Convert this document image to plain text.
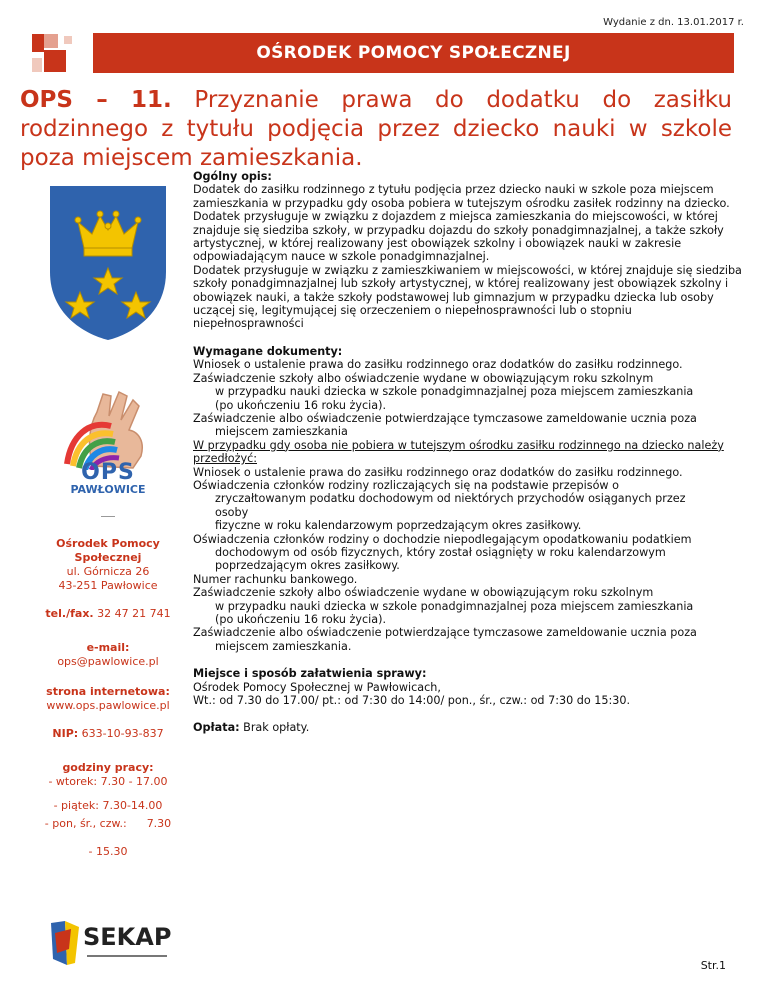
Wydanie z dn. 13.01.2017 r.
OŚRODEK POMOCY SPOŁECZNEJ
OPS – 11. Przyznanie prawa do dodatku do zasiłku rodzinnego z tytułu podjęcia przez dziecko nauki w szkole poza miejscem zamieszkania.
OPS
PAWŁOWICE
Ośrodek Pomocy
Społecznej
ul. Górnicza 26
43-251 Pawłowice
tel./fax. 32 47 21 741
e-mail:
ops@pawlowice.pl
strona internetowa:
www.ops.pawlowice.pl
NIP: 633-10-93-837
godziny pracy:
- wtorek: 7.30 - 17.00
- piątek: 7.30-14.00
- pon, śr., czw.: 7.30
- 15.30
SEKAP

Ogólny opis:

Dodatek do zasiłku rodzinnego z tytułu podjęcia przez dziecko nauki w szkole poza miejscem zamieszkania w przypadku gdy osoba pobiera w tutejszym ośrodku zasiłek rodzinny na dziecko.

Dodatek przysługuje w związku z dojazdem z miejsca zamieszkania do miejscowości, w której znajduje się siedziba szkoły, w przypadku dojazdu do szkoły ponadgimnazjalnej, a także szkoły artystycznej, w której realizowany jest obowiązek szkolny i obowiązek nauki w zakresie odpowiadającym nauce w szkole ponadgimnazjalnej.

Dodatek przysługuje w związku z zamieszkiwaniem w miejscowości, w której znajduje się siedziba szkoły ponadgimnazjalnej lub szkoły artystycznej, w której realizowany jest obowiązek szkolny i obowiązek nauki, a także szkoły podstawowej lub gimnazjum w przypadku dziecka lub osoby uczącej się, legitymującej się orzeczeniem o niepełnosprawności lub o stopniu niepełnosprawności

Wymagane dokumenty:

Wniosek o ustalenie prawa do zasiłku rodzinnego oraz dodatków do zasiłku rodzinnego.

Zaświadczenie szkoły albo oświadczenie wydane w obowiązującym roku szkolnym

w przypadku nauki dziecka w szkole ponadgimnazjalnej poza miejscem zamieszkania

(po ukończeniu 16 roku życia).

Zaświadczenie albo oświadczenie potwierdzające tymczasowe zameldowanie ucznia poza

miejscem zamieszkania

W przypadku gdy osoba nie pobiera w tutejszym ośrodku zasiłku rodzinnego na dziecko należy przedłożyć:

Wniosek o ustalenie prawa do zasiłku rodzinnego oraz dodatków do zasiłku rodzinnego.

Oświadczenia członków rodziny rozliczających się na podstawie przepisów o

zryczałtowanym podatku dochodowym od niektórych przychodów osiąganych przez

osoby

fizyczne w roku kalendarzowym poprzedzającym okres zasiłkowy.

Oświadczenia członków rodziny o dochodzie niepodlegającym opodatkowaniu podatkiem

dochodowym od osób fizycznych, który został osiągnięty w roku kalendarzowym

poprzedzającym okres zasiłkowy.

Numer rachunku bankowego.

Zaświadczenie szkoły albo oświadczenie wydane w obowiązującym roku szkolnym

w przypadku nauki dziecka w szkole ponadgimnazjalnej poza miejscem zamieszkania

(po ukończeniu 16 roku życia).

Zaświadczenie albo oświadczenie potwierdzające tymczasowe zameldowanie ucznia poza

miejscem zamieszkania.

Miejsce i sposób załatwienia sprawy:

Ośrodek Pomocy Społecznej w Pawłowicach,

Wt.: od 7.30 do 17.00/ pt.: od 7:30 do 14:00/ pon., śr., czw.: od 7:30 do 15:30.

Opłata: Brak opłaty.

Str.1
